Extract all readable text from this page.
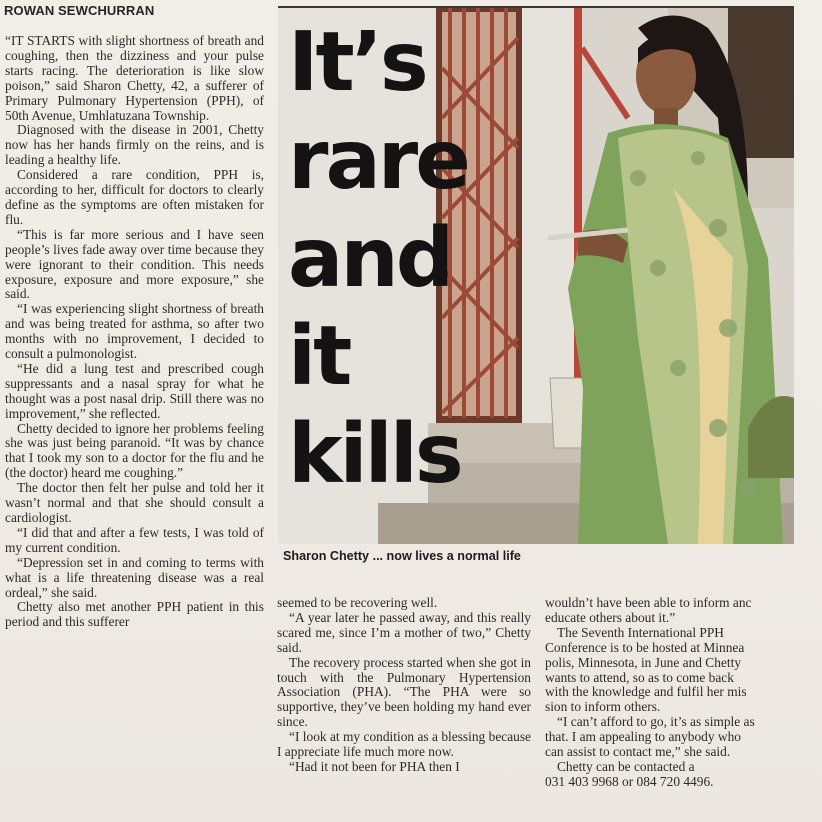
ROWAN SEWCHURRAN

“IT STARTS with slight shortness of breath and coughing, then the dizziness and your pulse starts racing. The deterioration is like slow poison,” said Sharon Chetty, 42, a sufferer of Primary Pulmonary Hypertension (PPH), of 50th Avenue, Umhlatuzana Township.

Diagnosed with the disease in 2001, Chetty now has her hands firmly on the reins, and is leading a healthy life.

Considered a rare condition, PPH is, according to her, difficult for doctors to clearly define as the symptoms are often mistaken for flu.

“This is far more serious and I have seen people’s lives fade away over time because they were ignorant to their condition. This needs exposure, exposure and more exposure,” she said.

“I was experiencing slight shortness of breath and was being treated for asthma, so after two months with no improvement, I decided to consult a pulmonologist.

“He did a lung test and prescribed cough suppressants and a nasal spray for what he thought was a post nasal drip. Still there was no improvement,” she reflected.

Chetty decided to ignore her problems feeling she was just being paranoid. “It was by chance that I took my son to a doctor for the flu and he (the doctor) heard me coughing.”

The doctor then felt her pulse and told her it wasn’t normal and that she should consult a cardiologist.

“I did that and after a few tests, I was told of my current condition.

“Depression set in and coming to terms with what is a life threatening disease was a real ordeal,” she said.

Chetty also met another PPH patient in this period and this sufferer

It’s
rare
and
it
kills
Sharon Chetty ... now lives a normal life

seemed to be recovering well.

“A year later he passed away, and this really scared me, since I’m a mother of two,” Chetty said.

The recovery process started when she got in touch with the Pulmonary Hypertension Association (PHA). “The PHA were so supportive, they’ve been holding my hand ever since.

“I look at my condition as a blessing because I appreciate life much more now.

“Had it not been for PHA then I

wouldn’t have been able to inform anc

educate others about it.”

The Seventh International PPH

Conference is to be hosted at Minnea

polis, Minnesota, in June and Chetty

wants to attend, so as to come back

with the knowledge and fulfil her mis

sion to inform others.

“I can’t afford to go, it’s as simple as

that. I am appealing to anybody who

can assist to contact me,” she said.

Chetty can be contacted a

031 403 9968 or 084 720 4496.
